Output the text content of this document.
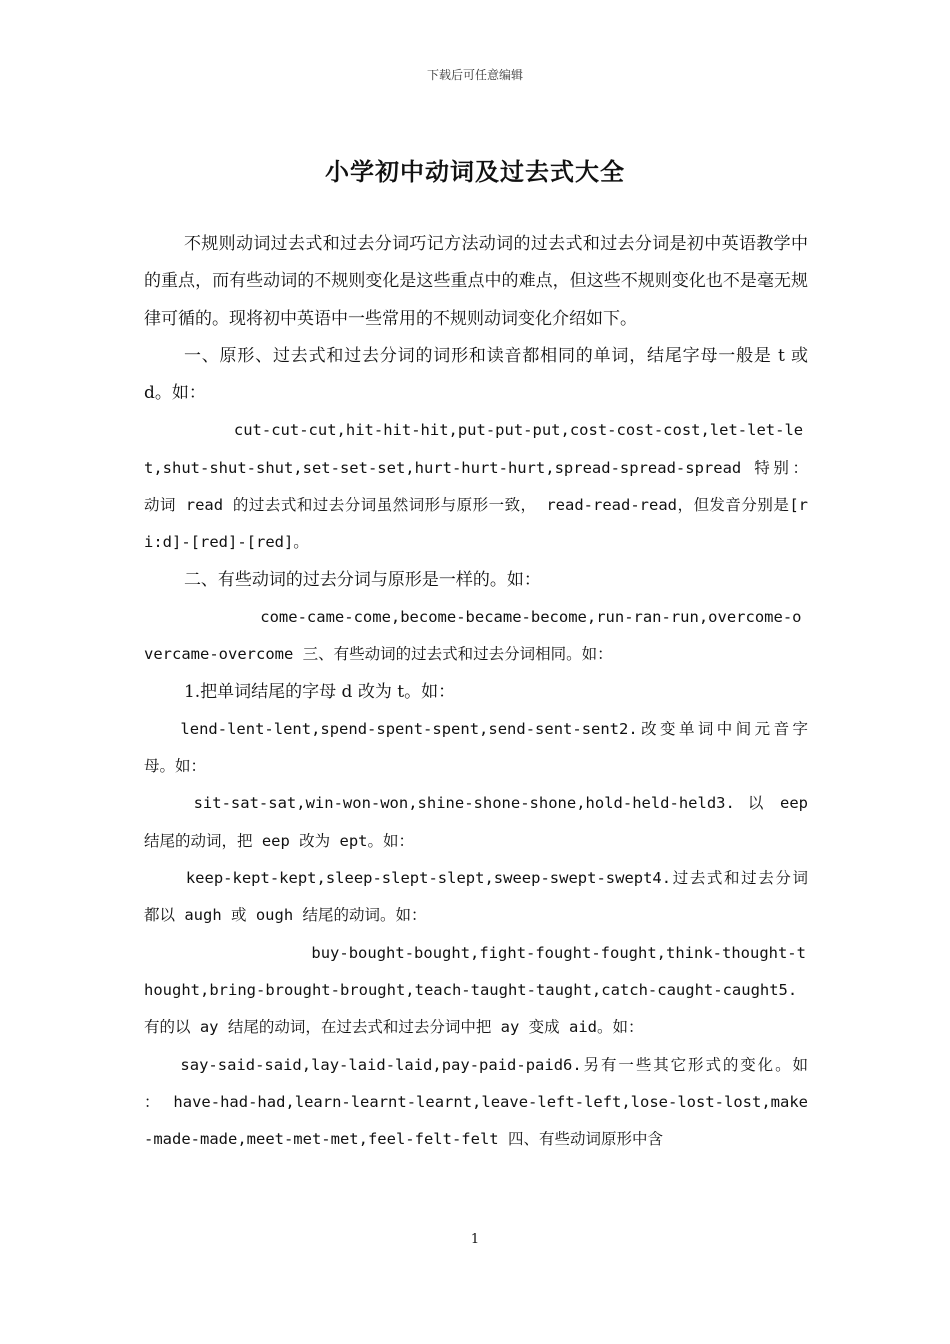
下载后可任意编辑
小学初中动词及过去式大全

不规则动词过去式和过去分词巧记方法动词的过去式和过去分词是初中英语教学中的重点，而有些动词的不规则变化是这些重点中的难点，但这些不规则变化也不是毫无规律可循的。现将初中英语中一些常用的不规则动词变化介绍如下。

一、原形、过去式和过去分词的词形和读音都相同的单词，结尾字母一般是 t 或 d。如：

cut-cut-cut,hit-hit-hit,put-put-put,cost-cost-cost,let-let-let,shut-shut-shut,set-set-set,hurt-hurt-hurt,spread-spread-spread 特别：动词 read 的过去式和过去分词虽然词形与原形一致， read-read-read，但发音分别是[ri:d]-[red]-[red]。

二、有些动词的过去分词与原形是一样的。如：

come-came-come,become-became-become,run-ran-run,overcome-overcame-overcome 三、有些动词的过去式和过去分词相同。如：

1.把单词结尾的字母 d 改为 t。如：

lend-lent-lent,spend-spent-spent,send-sent-sent2.改变单词中间元音字母。如：

sit-sat-sat,win-won-won,shine-shone-shone,hold-held-held3. 以 eep 结尾的动词，把 eep 改为 ept。如：

keep-kept-kept,sleep-slept-slept,sweep-swept-swept4.过去式和过去分词都以 augh 或 ough 结尾的动词。如：

buy-bought-bought,fight-fought-fought,think-thought-thought,bring-brought-brought,teach-taught-taught,catch-caught-caught5.有的以 ay 结尾的动词，在过去式和过去分词中把 ay 变成 aid。如：

say-said-said,lay-laid-laid,pay-paid-paid6.另有一些其它形式的变化。如 ： have-had-had,learn-learnt-learnt,leave-left-left,lose-lost-lost,make-made-made,meet-met-met,feel-felt-felt 四、有些动词原形中含

1
